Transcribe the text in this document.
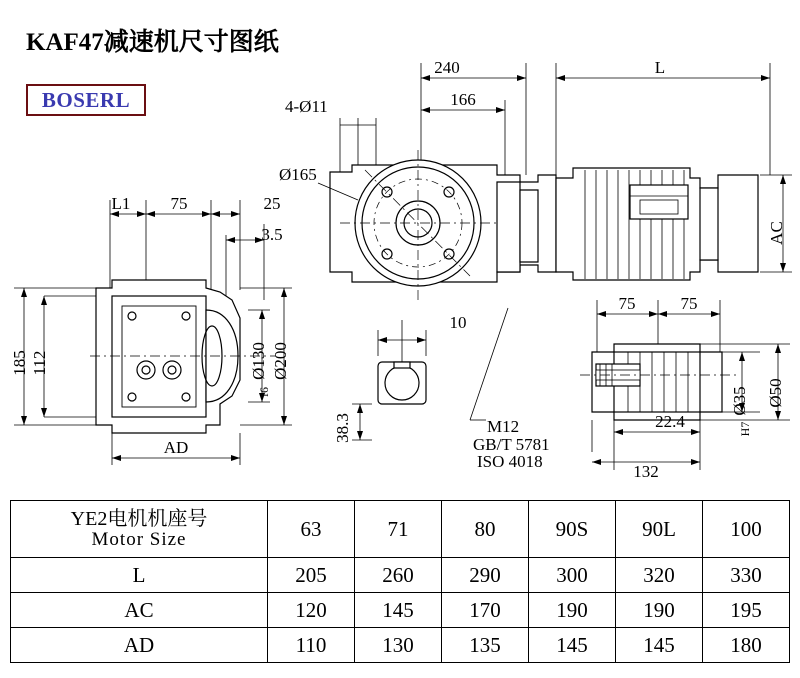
KAF47减速机尺寸图纸
BOSERL
240	L
4-Ø11	166
Ø165
AC
L1 75	25
3.5
185 112	Ø130
f6
Ø200
AD
10
38.3	M12
GB/T 5781
ISO 4018
75	75
22.4
132
Ø35
H7
Ø50
YE2电机机座号
Motor Size	63	71	80	90S	90L	100
L	205	260	290	300	320	330
AC	120	145	170	190	190	195
AD	110	130	135	145	145	180
